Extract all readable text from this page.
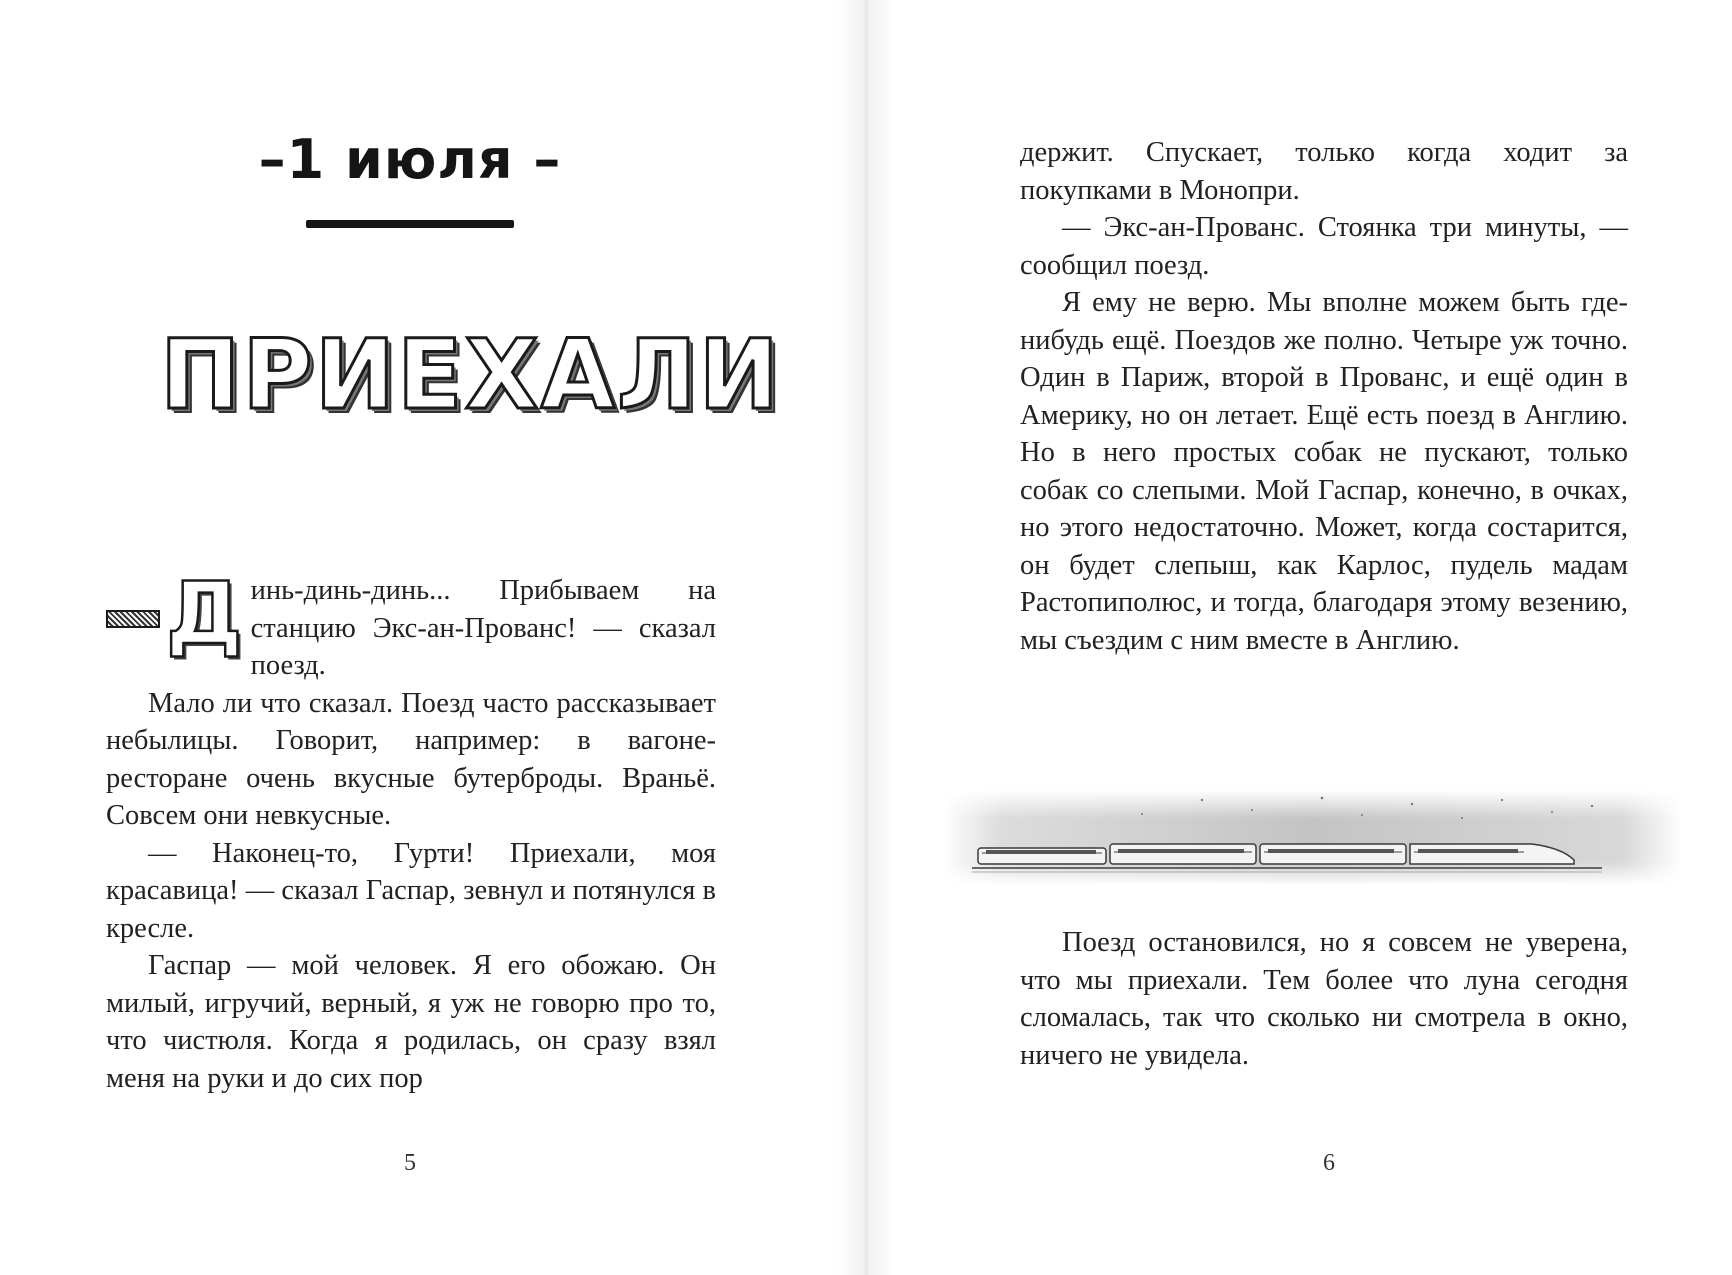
–1 июля –
ПРИЕХАЛИ

Д инь-динь-динь... Прибываем на станцию Экс-ан-Прованс! — сказал поезд.

Мало ли что сказал. Поезд часто рассказывает небылицы. Говорит, например: в вагоне-ресторане очень вкусные бутерброды. Враньё. Совсем они невкусные.

— Наконец-то, Гурти! Приехали, моя красавица! — сказал Гаспар, зевнул и потянулся в кресле.

Гаспар — мой человек. Я его обожаю. Он милый, игручий, верный, я уж не говорю про то, что чистюля. Когда я родилась, он сразу взял меня на руки и до сих пор

5

держит. Спускает, только когда ходит за покупками в Монопри.

— Экс-ан-Прованс. Стоянка три минуты, — сообщил поезд.

Я ему не верю. Мы вполне можем быть где-нибудь ещё. Поездов же полно. Четыре уж точно. Один в Париж, второй в Прованс, и ещё один в Америку, но он летает. Ещё есть поезд в Англию. Но в него простых собак не пускают, только собак со слепыми. Мой Гаспар, конечно, в очках, но этого недостаточно. Может, когда состарится, он будет слепыш, как Карлос, пудель мадам Растопиполюс, и тогда, благодаря этому везению, мы съездим с ним вместе в Англию.

Поезд остановился, но я совсем не уверена, что мы приехали. Тем более что луна сегодня сломалась, так что сколько ни смотрела в окно, ничего не увидела.

6
